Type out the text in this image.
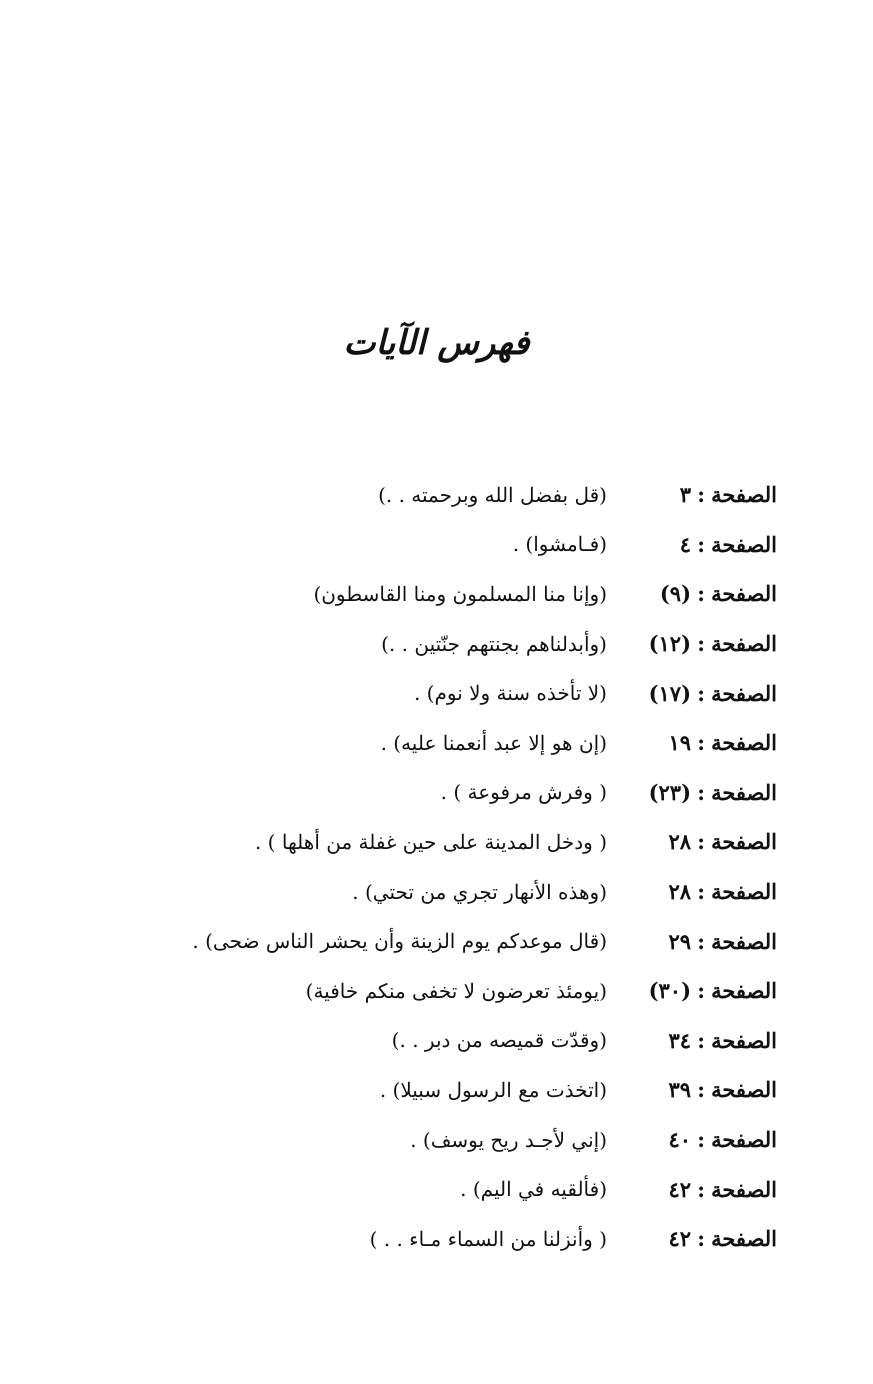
فهرس الآيات
الصفحة
:
٣
(قل بفضل الله وبرحمته . .)
الصفحة
:
٤
(فـامشوا) .
الصفحة
:
(٩)
(وإنا منا المسلمون ومنا القاسطون)
الصفحة
:
(١٢)
(وأبدلناهم بجنتهم جنّتين . .)
الصفحة
:
(١٧)
(لا تأخذه سنة ولا نوم) .
الصفحة
:
١٩
(إن هو إلا عبد أنعمنا عليه) .
الصفحة
:
(٢٣)
( وفرش مرفوعة ) .
الصفحة
:
٢٨
( ودخل المدينة على حين غفلة من أهلها ) .
الصفحة
:
٢٨
(وهذه الأنهار تجري من تحتي) .
الصفحة
:
٢٩
(قال موعدكم يوم الزينة وأن يحشر الناس ضحى) .
الصفحة
:
(٣٠)
(يومئذ تعرضون لا تخفى منكم خافية)
الصفحة
:
٣٤
(وقدّت قميصه من دبر . .)
الصفحة
:
٣٩
(اتخذت مع الرسول سبيلا) .
الصفحة
:
٤٠
(إني لأجـد ريح يوسف) .
الصفحة
:
٤٢
(فألقيه في اليم) .
الصفحة
:
٤٢
( وأنزلنا من السماء مـاء . . )
